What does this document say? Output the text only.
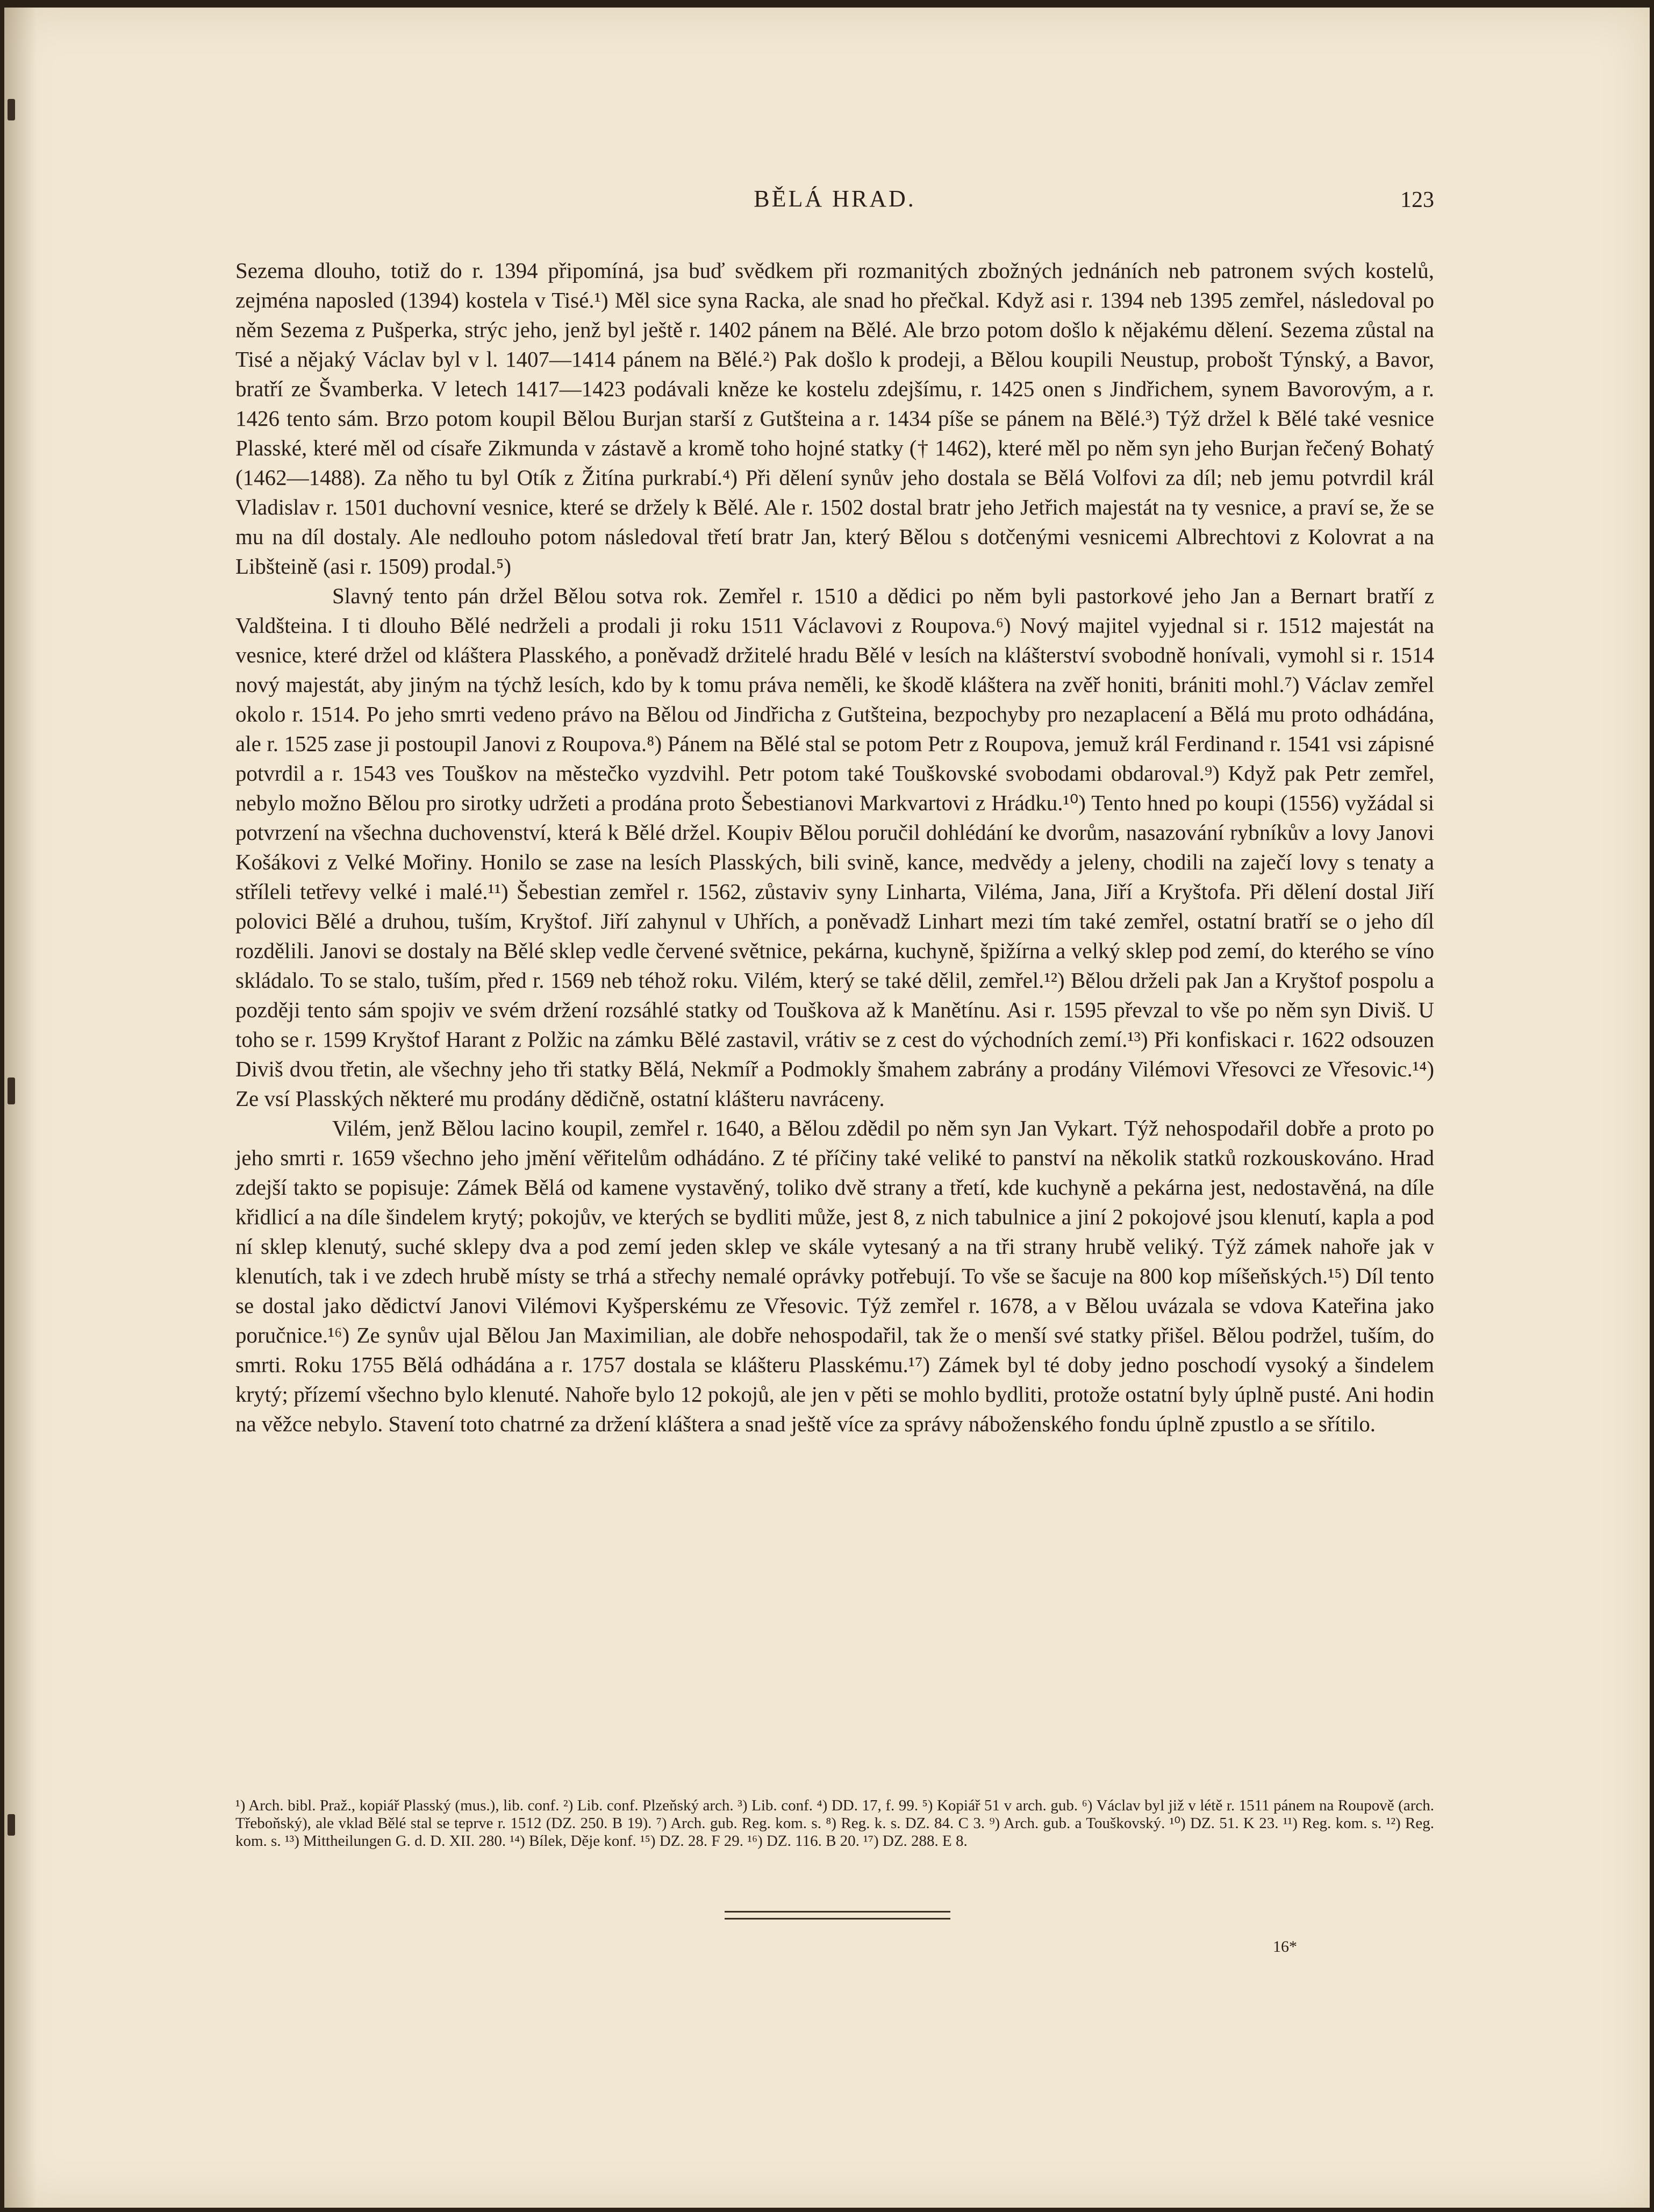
BĚLÁ HRAD.	123

Sezema dlouho, totiž do r. 1394 připomíná, jsa buď svědkem při rozmanitých zbožných jednáních neb patronem svých kostelů, zejména naposled (1394) kostela v Tisé.¹) Měl sice syna Racka, ale snad ho přečkal. Když asi r. 1394 neb 1395 zemřel, následoval po něm Sezema z Pušperka, strýc jeho, jenž byl ještě r. 1402 pánem na Bělé. Ale brzo potom došlo k nějakému dělení. Sezema zůstal na Tisé a nějaký Václav byl v l. 1407—1414 pánem na Bělé.²) Pak došlo k prodeji, a Bělou koupili Neustup, probošt Týnský, a Bavor, bratří ze Švamberka. V letech 1417—1423 podávali kněze ke kostelu zdejšímu, r. 1425 onen s Jindřichem, synem Bavorovým, a r. 1426 tento sám. Brzo potom koupil Bělou Burjan starší z Gutšteina a r. 1434 píše se pánem na Bělé.³) Týž držel k Bělé také vesnice Plasské, které měl od císaře Zikmunda v zástavě a kromě toho hojné statky († 1462), které měl po něm syn jeho Burjan řečený Bohatý (1462—1488). Za něho tu byl Otík z Žitína purkrabí.⁴) Při dělení synův jeho dostala se Bělá Volfovi za díl; neb jemu potvrdil král Vladislav r. 1501 duchovní vesnice, které se držely k Bělé. Ale r. 1502 dostal bratr jeho Jetřich majestát na ty vesnice, a praví se, že se mu na díl dostaly. Ale nedlouho potom následoval třetí bratr Jan, který Bělou s dotčenými vesnicemi Albrechtovi z Kolovrat a na Libšteině (asi r. 1509) prodal.⁵)

Slavný tento pán držel Bělou sotva rok. Zemřel r. 1510 a dědici po něm byli pastorkové jeho Jan a Bernart bratří z Valdšteina. I ti dlouho Bělé nedrželi a prodali ji roku 1511 Václavovi z Roupova.⁶) Nový majitel vyjednal si r. 1512 majestát na vesnice, které držel od kláštera Plasského, a poněvadž držitelé hradu Bělé v lesích na klášterství svobodně honívali, vymohl si r. 1514 nový majestát, aby jiným na týchž lesích, kdo by k tomu práva neměli, ke škodě kláštera na zvěř honiti, brániti mohl.⁷) Václav zemřel okolo r. 1514. Po jeho smrti vedeno právo na Bělou od Jindřicha z Gutšteina, bezpochyby pro nezaplacení a Bělá mu proto odhádána, ale r. 1525 zase ji postoupil Janovi z Roupova.⁸) Pánem na Bělé stal se potom Petr z Roupova, jemuž král Ferdinand r. 1541 vsi zápisné potvrdil a r. 1543 ves Touškov na městečko vyzdvihl. Petr potom také Touškovské svobodami obdaroval.⁹) Když pak Petr zemřel, nebylo možno Bělou pro sirotky udržeti a prodána proto Šebestianovi Markvartovi z Hrádku.¹⁰) Tento hned po koupi (1556) vyžádal si potvrzení na všechna duchovenství, která k Bělé držel. Koupiv Bělou poručil dohlédání ke dvorům, nasazování rybníkův a lovy Janovi Košákovi z Velké Mořiny. Honilo se zase na lesích Plasských, bili svině, kance, medvědy a jeleny, chodili na zaječí lovy s tenaty a stříleli tetřevy velké i malé.¹¹) Šebestian zemřel r. 1562, zůstaviv syny Linharta, Viléma, Jana, Jiří a Kryštofa. Při dělení dostal Jiří polovici Bělé a druhou, tuším, Kryštof. Jiří zahynul v Uhřích, a poněvadž Linhart mezi tím také zemřel, ostatní bratří se o jeho díl rozdělili. Janovi se dostaly na Bělé sklep vedle červené světnice, pekárna, kuchyně, špižírna a velký sklep pod zemí, do kterého se víno skládalo. To se stalo, tuším, před r. 1569 neb téhož roku. Vilém, který se také dělil, zemřel.¹²) Bělou drželi pak Jan a Kryštof pospolu a později tento sám spojiv ve svém držení rozsáhlé statky od Touškova až k Manětínu. Asi r. 1595 převzal to vše po něm syn Diviš. U toho se r. 1599 Kryštof Harant z Polžic na zámku Bělé zastavil, vrátiv se z cest do východních zemí.¹³) Při konfiskaci r. 1622 odsouzen Diviš dvou třetin, ale všechny jeho tři statky Bělá, Nekmíř a Podmokly šmahem zabrány a prodány Vilémovi Vřesovci ze Vřesovic.¹⁴) Ze vsí Plasských některé mu prodány dědičně, ostatní klášteru navráceny.

Vilém, jenž Bělou lacino koupil, zemřel r. 1640, a Bělou zdědil po něm syn Jan Vykart. Týž nehospodařil dobře a proto po jeho smrti r. 1659 všechno jeho jmění věřitelům odhádáno. Z té příčiny také veliké to panství na několik statků rozkouskováno. Hrad zdejší takto se popisuje: Zámek Bělá od kamene vystavěný, toliko dvě strany a třetí, kde kuchyně a pekárna jest, nedostavěná, na díle křidlicí a na díle šindelem krytý; pokojův, ve kterých se bydliti může, jest 8, z nich tabulnice a jiní 2 pokojové jsou klenutí, kapla a pod ní sklep klenutý, suché sklepy dva a pod zemí jeden sklep ve skále vytesaný a na tři strany hrubě veliký. Týž zámek nahoře jak v klenutích, tak i ve zdech hrubě místy se trhá a střechy nemalé oprávky potřebují. To vše se šacuje na 800 kop míšeňských.¹⁵) Díl tento se dostal jako dědictví Janovi Vilémovi Kyšperskému ze Vřesovic. Týž zemřel r. 1678, a v Bělou uvázala se vdova Kateřina jako poručnice.¹⁶) Ze synův ujal Bělou Jan Maximilian, ale dobře nehospodařil, tak že o menší své statky přišel. Bělou podržel, tuším, do smrti. Roku 1755 Bělá odhádána a r. 1757 dostala se klášteru Plasskému.¹⁷) Zámek byl té doby jedno poschodí vysoký a šindelem krytý; přízemí všechno bylo klenuté. Nahoře bylo 12 pokojů, ale jen v pěti se mohlo bydliti, protože ostatní byly úplně pusté. Ani hodin na věžce nebylo. Stavení toto chatrné za držení kláštera a snad ještě více za správy náboženského fondu úplně zpustlo a se sřítilo.

¹) Arch. bibl. Praž., kopiář Plasský (mus.), lib. conf. ²) Lib. conf. Plzeňský arch. ³) Lib. conf. ⁴) DD. 17, f. 99. ⁵) Kopiář 51 v arch. gub. ⁶) Václav byl již v létě r. 1511 pánem na Roupově (arch. Třeboňský), ale vklad Bělé stal se teprve r. 1512 (DZ. 250. B 19). ⁷) Arch. gub. Reg. kom. s. ⁸) Reg. k. s. DZ. 84. C 3. ⁹) Arch. gub. a Touškovský. ¹⁰) DZ. 51. K 23. ¹¹) Reg. kom. s. ¹²) Reg. kom. s. ¹³) Mittheilungen G. d. D. XII. 280. ¹⁴) Bílek, Děje konf. ¹⁵) DZ. 28. F 29. ¹⁶) DZ. 116. B 20. ¹⁷) DZ. 288. E 8.
16*
